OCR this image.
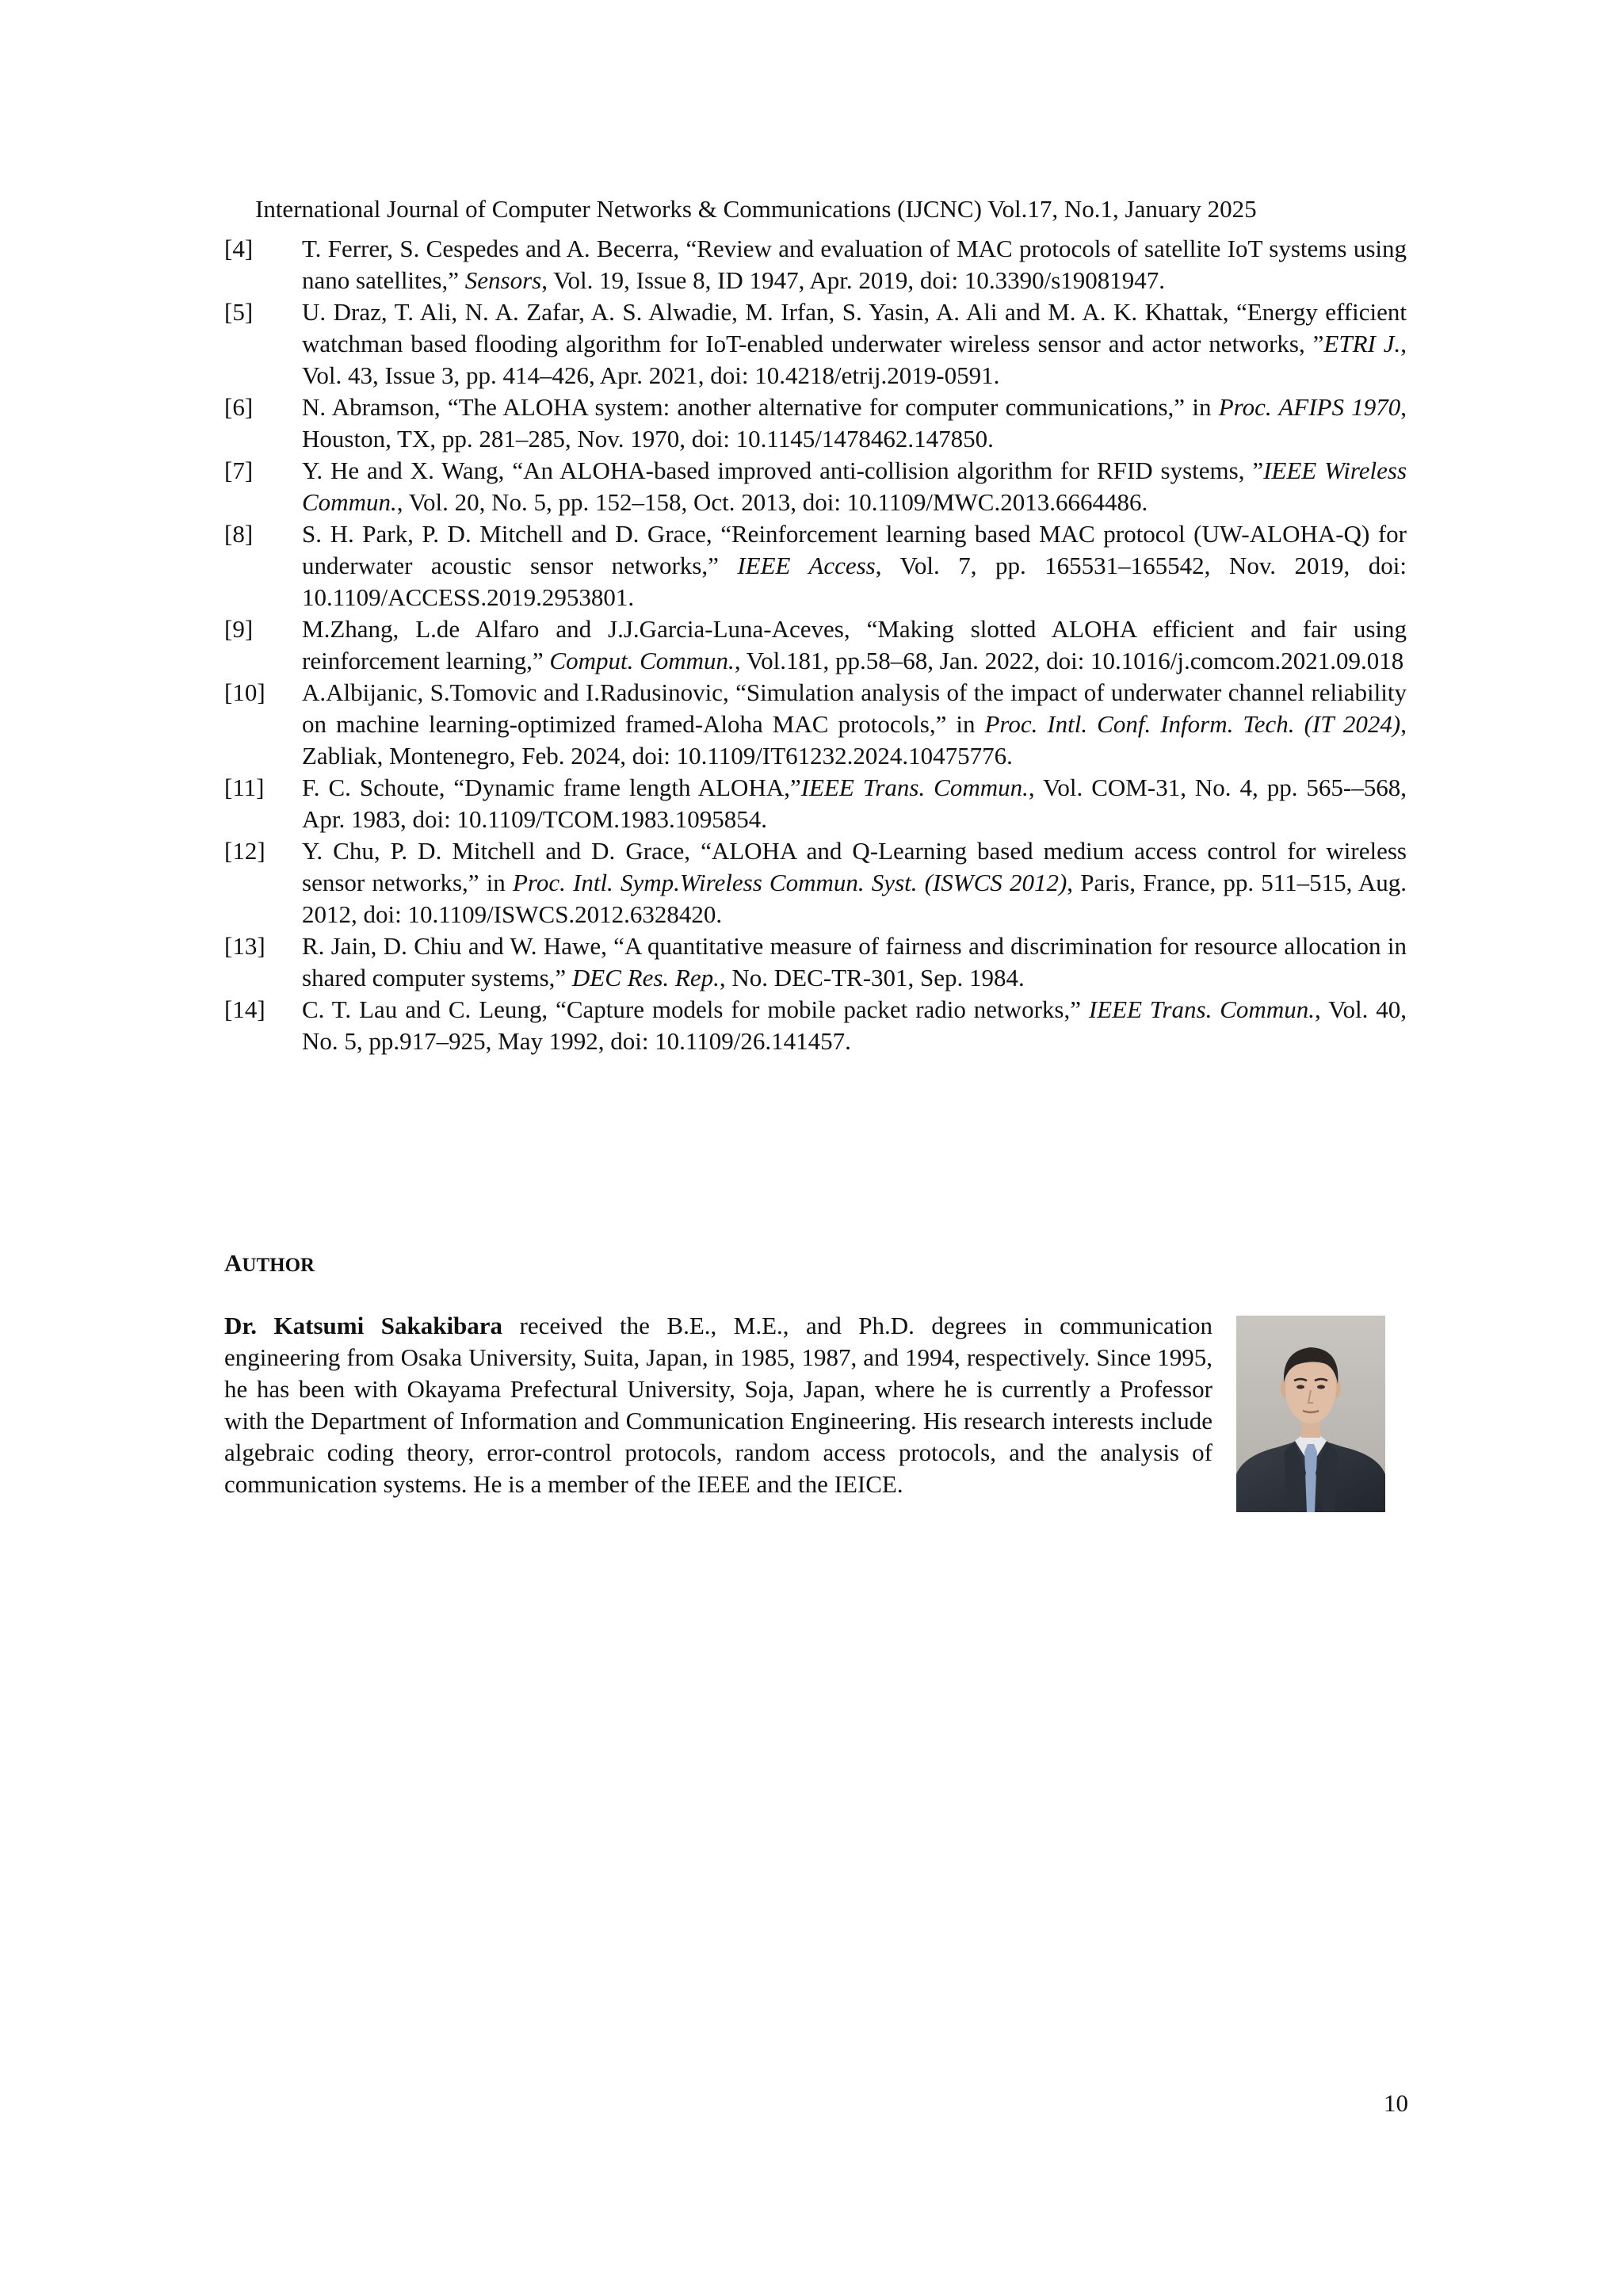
International Journal of Computer Networks & Communications (IJCNC) Vol.17, No.1, January 2025
[4]	T. Ferrer, S. Cespedes and A. Becerra, “Review and evaluation of MAC protocols of satellite IoT systems using nano satellites,” Sensors, Vol. 19, Issue 8, ID 1947, Apr. 2019, doi: 10.3390/s19081947.
[5]	U. Draz, T. Ali, N. A. Zafar, A. S. Alwadie, M. Irfan, S. Yasin, A. Ali and M. A. K. Khattak, “Energy efficient watchman based flooding algorithm for IoT-enabled underwater wireless sensor and actor networks, ”ETRI J., Vol. 43, Issue 3, pp. 414–426, Apr. 2021, doi: 10.4218/etrij.2019-0591.
[6]	N. Abramson, “The ALOHA system: another alternative for computer communications,” in Proc. AFIPS 1970, Houston, TX, pp. 281–285, Nov. 1970, doi: 10.1145/1478462.147850.
[7]	Y. He and X. Wang, “An ALOHA-based improved anti-collision algorithm for RFID systems, ”IEEE Wireless Commun., Vol. 20, No. 5, pp. 152–158, Oct. 2013, doi: 10.1109/MWC.2013.6664486.
[8]	S. H. Park, P. D. Mitchell and D. Grace, “Reinforcement learning based MAC protocol (UW-ALOHA-Q) for underwater acoustic sensor networks,” IEEE Access, Vol. 7, pp. 165531–165542, Nov. 2019, doi: 10.1109/ACCESS.2019.2953801.
[9]	M.Zhang, L.de Alfaro and J.J.Garcia-Luna-Aceves, “Making slotted ALOHA efficient and fair using reinforcement learning,” Comput. Commun., Vol.181, pp.58–68, Jan. 2022, doi: 10.1016/j.comcom.2021.09.018
[10]	A.Albijanic, S.Tomovic and I.Radusinovic, “Simulation analysis of the impact of underwater channel reliability on machine learning-optimized framed-Aloha MAC protocols,” in Proc. Intl. Conf. Inform. Tech. (IT 2024), Zabliak, Montenegro, Feb. 2024, doi: 10.1109/IT61232.2024.10475776.
[11]	F. C. Schoute, “Dynamic frame length ALOHA,”IEEE Trans. Commun., Vol. COM-31, No. 4, pp. 565-–568, Apr. 1983, doi: 10.1109/TCOM.1983.1095854.
[12]	Y. Chu, P. D. Mitchell and D. Grace, “ALOHA and Q-Learning based medium access control for wireless sensor networks,” in Proc. Intl. Symp.Wireless Commun. Syst. (ISWCS 2012), Paris, France, pp. 511–515, Aug. 2012, doi: 10.1109/ISWCS.2012.6328420.
[13]	R. Jain, D. Chiu and W. Hawe, “A quantitative measure of fairness and discrimination for resource allocation in shared computer systems,” DEC Res. Rep., No. DEC-TR-301, Sep. 1984.
[14]	C. T. Lau and C. Leung, “Capture models for mobile packet radio networks,” IEEE Trans. Commun., Vol. 40, No. 5, pp.917–925, May 1992, doi: 10.1109/26.141457.
AUTHOR
Dr. Katsumi Sakakibara received the B.E., M.E., and Ph.D. degrees in communication engineering from Osaka University, Suita, Japan, in 1985, 1987, and 1994, respectively. Since 1995, he has been with Okayama Prefectural University, Soja, Japan, where he is currently a Professor with the Department of Information and Communication Engineering. His research interests include algebraic coding theory, error-control protocols, random access protocols, and the analysis of communication systems. He is a member of the IEEE and the IEICE.
10
